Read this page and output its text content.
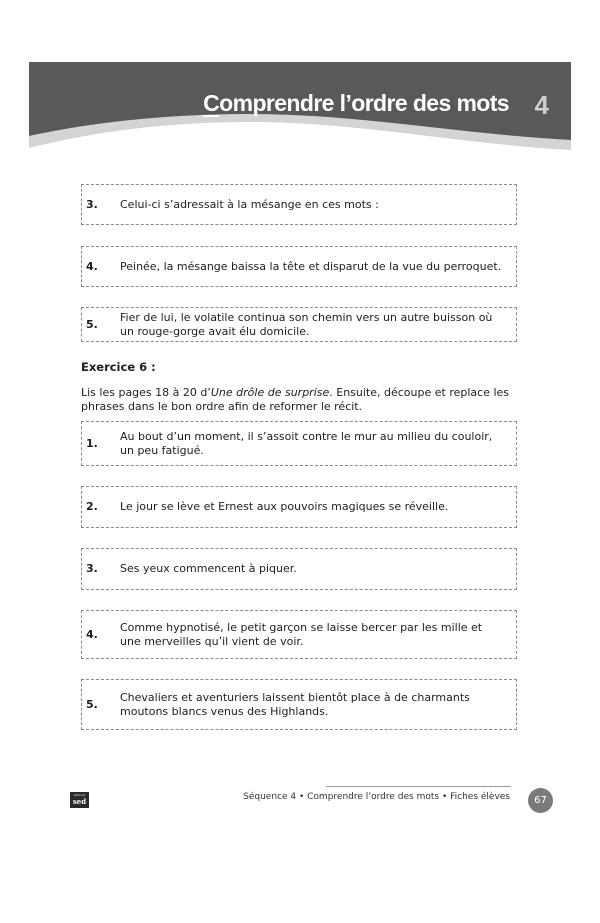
Comprendre l’ordre des mots 4
3.	Celui-ci s’adressait à la mésange en ces mots :
4.	Peinée, la mésange baissa la tête et disparut de la vue du perroquet.
5.
Fier de lui, le volatile continua son chemin vers un autre buisson où un rouge-gorge avait élu domicile.
Exercice 6 :
Lis les pages 18 à 20 d’Une drôle de surprise. Ensuite, découpe et replace les phrases dans le bon ordre afin de reformer le récit.
1.
Au bout d’un moment, il s’assoit contre le mur au milieu du couloir, un peu fatigué.
2.	Le jour se lève et Ernest aux pouvoirs magiques se réveille.
3.	Ses yeux commencent à piquer.
4.
Comme hypnotisé, le petit garçon se laisse bercer par les mille et une merveilles qu’il vient de voir.
5.
Chevaliers et aventuriers laissent bientôt place à de charmants moutons blancs venus des Highlands.
éditions
sed	Séquence 4 • Comprendre l’ordre des mots • Fiches élèves	67
